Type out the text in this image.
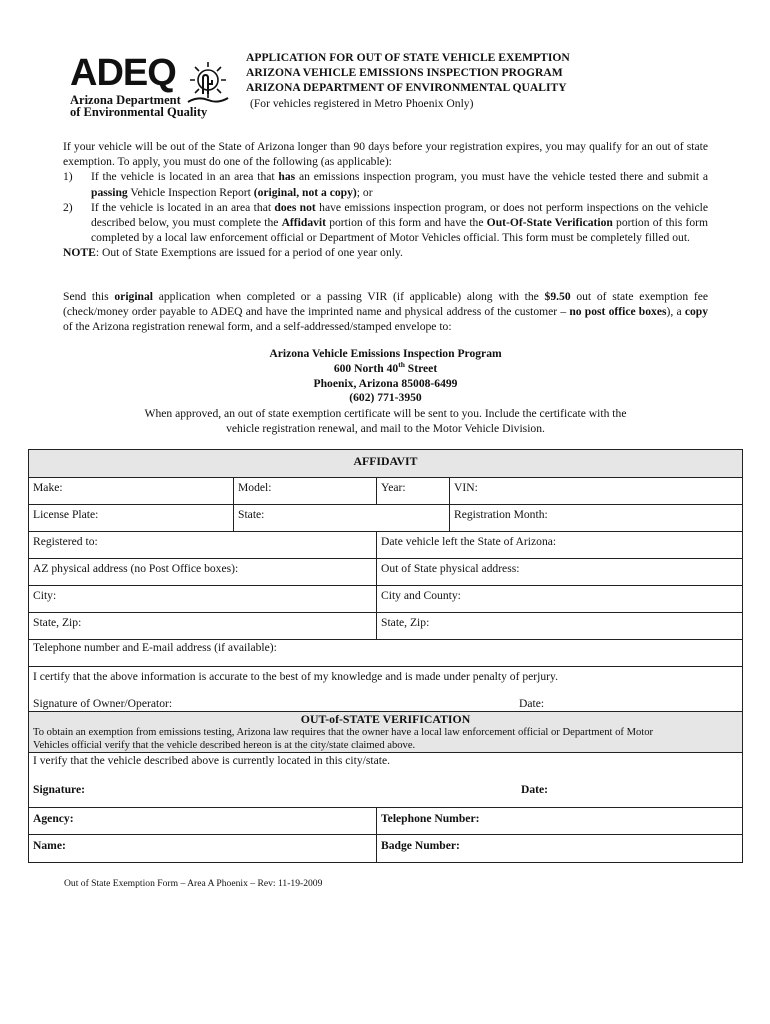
ADEQ
Arizona Department
of Environmental Quality
APPLICATION FOR OUT OF STATE VEHICLE EXEMPTION
ARIZONA VEHICLE EMISSIONS INSPECTION PROGRAM
ARIZONA DEPARTMENT OF ENVIRONMENTAL QUALITY
(For vehicles registered in Metro Phoenix Only)

If your vehicle will be out of the State of Arizona longer than 90 days before your registration expires, you may qualify for an out of state exemption. To apply, you must do one of the following (as applicable):

1)	If the vehicle is located in an area that has an emissions inspection program, you must have the vehicle tested there and submit a passing Vehicle Inspection Report (original, not a copy); or
2)	If the vehicle is located in an area that does not have emissions inspection program, or does not perform inspections on the vehicle described below, you must complete the Affidavit portion of this form and have the Out-Of-State Verification portion of this form completed by a local law enforcement official or Department of Motor Vehicles official. This form must be completely filled out.

NOTE: Out of State Exemptions are issued for a period of one year only.

Send this original application when completed or a passing VIR (if applicable) along with the $9.50 out of state exemption fee (check/money order payable to ADEQ and have the imprinted name and physical address of the customer – no post office boxes), a copy of the Arizona registration renewal form, and a self-addressed/stamped envelope to:
Arizona Vehicle Emissions Inspection Program
600 North 40th Street
Phoenix, Arizona 85008-6499
(602) 771-3950
When approved, an out of state exemption certificate will be sent to you. Include the certificate with the
vehicle registration renewal, and mail to the Motor Vehicle Division.
AFFIDAVIT
Make:	Model:	Year:	VIN:
License Plate:	State:	Registration Month:
Registered to:	Date vehicle left the State of Arizona:
AZ physical address (no Post Office boxes):	Out of State physical address:
City:	City and County:
State, Zip:	State, Zip:
Telephone number and E-mail address (if available):
I certify that the above information is accurate to the best of my knowledge and is made under penalty of perjury.
Signature of Owner/Operator:	Date:
OUT-of-STATE VERIFICATION
To obtain an exemption from emissions testing, Arizona law requires that the owner have a local law enforcement official or Department of Motor
Vehicles official verify that the vehicle described hereon is at the city/state claimed above.
I verify that the vehicle described above is currently located in this city/state.
Signature:	Date:
Agency:	Telephone Number:
Name:	Badge Number:
Out of State Exemption Form – Area A Phoenix – Rev: 11-19-2009
